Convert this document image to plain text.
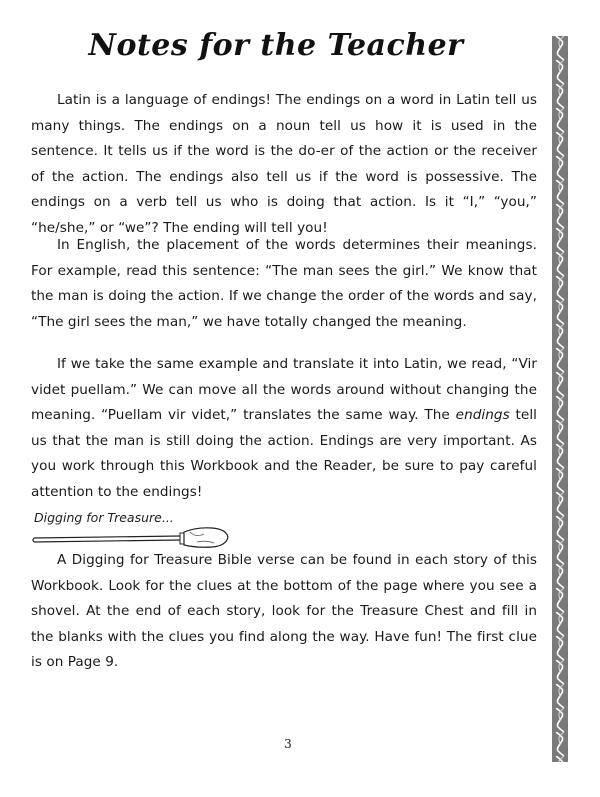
Notes for the Teacher

Latin is a language of endings! The endings on a word in Latin tell us many things. The endings on a noun tell us how it is used in the sentence. It tells us if the word is the do-er of the action or the receiver of the action. The endings also tell us if the word is possessive. The endings on a verb tell us who is doing that action. Is it “I,” “you,” “he/she,” or “we”? The ending will tell you!

In English, the placement of the words determines their meanings. For example, read this sentence: “The man sees the girl.” We know that the man is doing the action. If we change the order of the words and say, “The girl sees the man,” we have totally changed the meaning.

If we take the same example and translate it into Latin, we read, “Vir videt puellam.” We can move all the words around without changing the meaning. “Puellam vir videt,” translates the same way. The endings tell us that the man is still doing the action. Endings are very important. As you work through this Workbook and the Reader, be sure to pay careful attention to the endings!

Digging for Treasure...

A Digging for Treasure Bible verse can be found in each story of this Workbook. Look for the clues at the bottom of the page where you see a shovel. At the end of each story, look for the Treasure Chest and fill in the blanks with the clues you find along the way. Have fun! The first clue is on Page 9.

3
